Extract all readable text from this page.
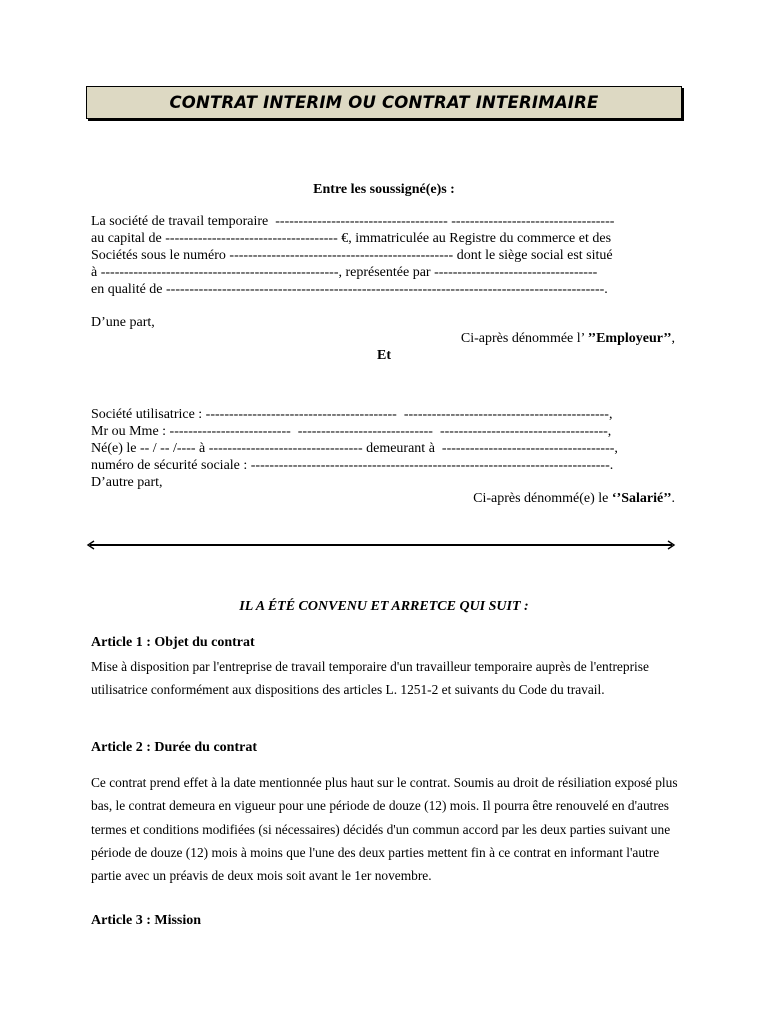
CONTRAT INTERIM OU CONTRAT INTERIMAIRE
Entre les soussigné(e)s :
La société de travail temporaire  ------------------------------------- -----------------------------------
au capital de ------------------------------------- €, immatriculée au Registre du commerce et des
Sociétés sous le numéro ------------------------------------------------ dont le siège social est situé
à ---------------------------------------------------, représentée par -----------------------------------
en qualité de ----------------------------------------------------------------------------------------------.
D’une part,
Ci-après dénommée l’ ’’Employeur’’,
Et
Société utilisatrice : -----------------------------------------  --------------------------------------------,
Mr ou Mme : --------------------------  -----------------------------  ------------------------------------,
Né(e) le -- / -- /---- à --------------------------------- demeurant à  -------------------------------------,
numéro de sécurité sociale : -----------------------------------------------------------------------------.
D’autre part,
Ci-après dénommé(e) le ‘’Salarié’’.
IL A ÉTÉ CONVENU ET ARRETCE QUI SUIT :
Article 1 : Objet du contrat
Mise à disposition par l'entreprise de travail temporaire d'un travailleur temporaire auprès de l'entreprise utilisatrice conformément aux dispositions des articles L. 1251-2 et suivants du Code du travail.
Article 2 : Durée du contrat
Ce contrat prend effet à la date mentionnée plus haut sur le contrat. Soumis au droit de résiliation exposé plus bas, le contrat demeura en vigueur pour une période de douze (12) mois. Il pourra être renouvelé en d'autres termes et conditions modifiées (si nécessaires) décidés d'un commun accord par les deux parties suivant une période de douze (12) mois à moins que l'une des deux parties mettent fin à ce contrat en informant l'autre partie avec un préavis de deux mois soit avant le 1er novembre.
Article 3 : Mission
